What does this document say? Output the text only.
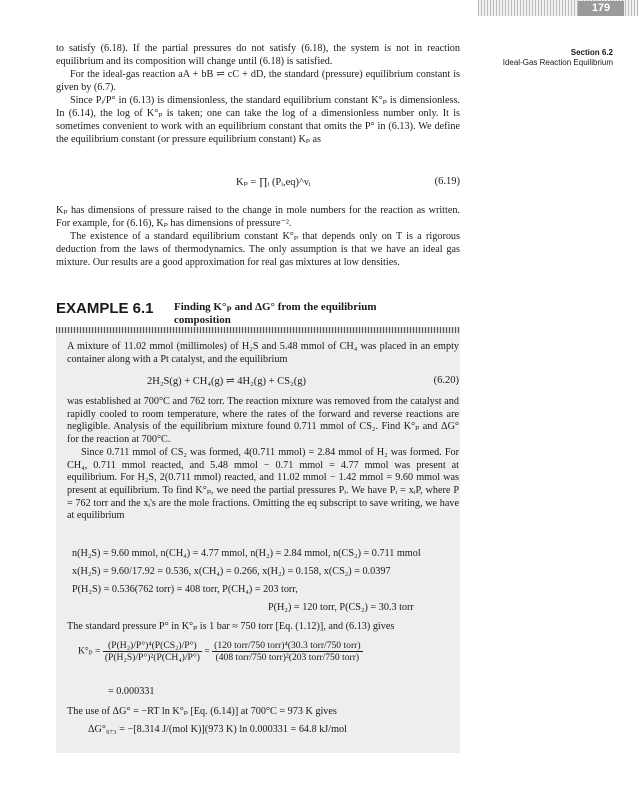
179
Section 6.2
Ideal-Gas Reaction Equilibrium

to satisfy (6.18). If the partial pressures do not satisfy (6.18), the system is not in reaction equilibrium and its composition will change until (6.18) is satisfied.

For the ideal-gas reaction aA + bB ⇌ cC + dD, the standard (pressure) equilibrium constant is given by (6.7).

Since Pᵢ/P° in (6.13) is dimensionless, the standard equilibrium constant K°ₚ is dimensionless. In (6.14), the log of K°ₚ is taken; one can take the log of a dimensionless number only. It is sometimes convenient to work with an equilibrium constant that omits the P° in (6.13). We define the equilibrium constant (or pressure equilibrium constant) Kₚ as

Kₚ = ∏ᵢ (Pᵢ,eq)^νᵢ	(6.19)

Kₚ has dimensions of pressure raised to the change in mole numbers for the reaction as written. For example, for (6.16), Kₚ has dimensions of pressure⁻².

The existence of a standard equilibrium constant K°ₚ that depends only on T is a rigorous deduction from the laws of thermodynamics. The only assumption is that we have an ideal gas mixture. Our results are a good approximation for real gas mixtures at low densities.

EXAMPLE 6.1 Finding K°ₚ and ΔG° from the equilibrium
composition

A mixture of 11.02 mmol (millimoles) of H₂S and 5.48 mmol of CH₄ was placed in an empty container along with a Pt catalyst, and the equilibrium

2H₂S(g) + CH₄(g) ⇌ 4H₂(g) + CS₂(g)	(6.20)

was established at 700°C and 762 torr. The reaction mixture was removed from the catalyst and rapidly cooled to room temperature, where the rates of the forward and reverse reactions are negligible. Analysis of the equilibrium mixture found 0.711 mmol of CS₂. Find K°ₚ and ΔG° for the reaction at 700°C.

Since 0.711 mmol of CS₂ was formed, 4(0.711 mmol) = 2.84 mmol of H₂ was formed. For CH₄, 0.711 mmol reacted, and 5.48 mmol − 0.71 mmol = 4.77 mmol was present at equilibrium. For H₂S, 2(0.711 mmol) reacted, and 11.02 mmol − 1.42 mmol = 9.60 mmol was present at equilibrium. To find K°ₚ, we need the partial pressures Pᵢ. We have Pᵢ = xᵢP, where P = 762 torr and the xᵢ's are the mole fractions. Omitting the eq subscript to save writing, we have at equilibrium

n(H₂S) = 9.60 mmol, n(CH₄) = 4.77 mmol, n(H₂) = 2.84 mmol, n(CS₂) = 0.711 mmol
x(H₂S) = 9.60/17.92 = 0.536, x(CH₄) = 0.266, x(H₂) = 0.158, x(CS₂) = 0.0397
P(H₂S) = 0.536(762 torr) = 408 torr, P(CH₄) = 203 torr,
P(H₂) = 120 torr, P(CS₂) = 30.3 torr

The standard pressure P° in K°ₚ is 1 bar ≈ 750 torr [Eq. (1.12)], and (6.13) gives

$K^\circ_p = \frac{\text{(P(H₂)/P°)⁴(P(CS₂)/P°)}}{\text{(P(H₂S)/P°)²(P(CH₄)/P°)}} = \frac{\text{(120 torr/750 torr)⁴(30.3 torr/750 torr)}}{\text{(408 torr/750 torr)²(203 torr/750 torr)}}$
= 0.000331

The use of ΔG° = −RT ln K°ₚ [Eq. (6.14)] at 700°C = 973 K gives

ΔG°₉₇₃ = −[8.314 J/(mol K)](973 K) ln 0.000331 = 64.8 kJ/mol
